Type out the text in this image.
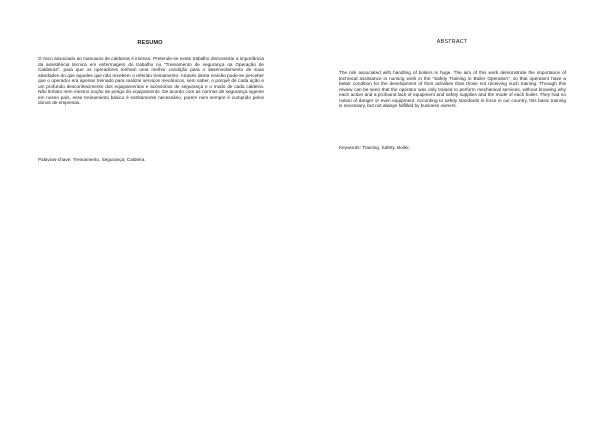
RESUMO

O risco associado ao manuseio de caldeiras é imenso. Pretende-se neste trabalho demonstrar a importância da assistência técnica em enfermagem do trabalho no “Treinamento de segurança na Operação de Caldeiras”, para que os operadores tenham uma melhor condição para o desenvolvimento de suas atividades do que aqueles que não recebem o referido treinamento. Através desta revisão pode-se perceber que o operador era apenas treinado para realizar serviços mecânicos, sem saber, o porquê de cada ação e um profundo desconhecimento dos equipamentos e acessórios de segurança e o modo de cada caldeira. Não tinham nem mesmo noção de perigo do equipamento. De acordo com as normas de segurança vigente em nosso país, esse treinamento básico é estritamente necessário, porem nem sempre é cumprido pelos donos de empresas.

Palavras-chave: Treinamento, Segurança, Caldeira.

ABSTRACT

The risk associated with handling of boilers is huge. The aim of this work demonstrate the importance of technical assistance in nursing work in the “Safety Training in Boiler Operation”, so that operators have a better condition for the development of their activities than those not receiving such training. Through this review can be seen that the operator was only trained to perform mechanical services, without knowing why each action and a profound lack of equipment and safety supplies and the mode of each boiler. They had no notion of danger or even equipment. According to safety standards in force in our country, this basic training is necessary, but not always fulfilled by business owners.

Keywords: Training, Safety, Boiler.
